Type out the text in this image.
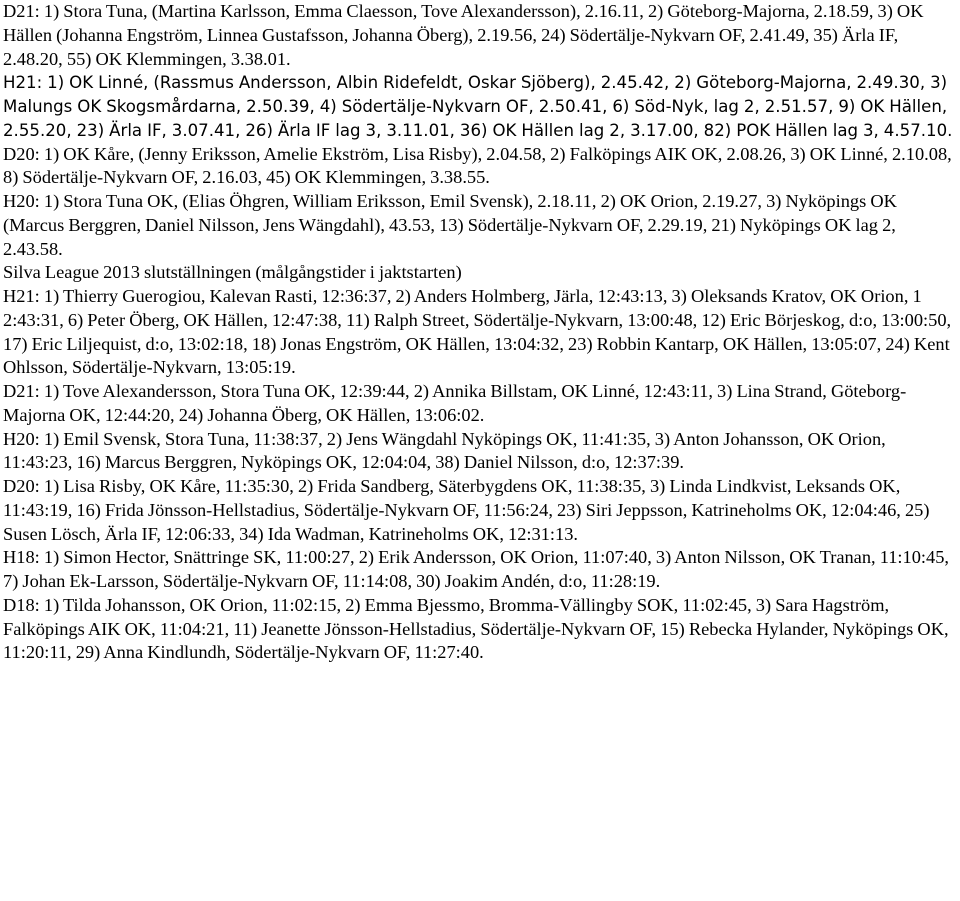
D21: 1) Stora Tuna, (Martina Karlsson, Emma Claesson, Tove Alexandersson), 2.16.11, 2) Göteborg-Majorna, 2.18.59, 3) OK Hällen (Johanna Engström, Linnea Gustafsson, Johanna Öberg), 2.19.56, 24) Södertälje-Nykvarn OF, 2.41.49, 35) Ärla IF, 2.48.20, 55) OK Klemmingen, 3.38.01.

H21: 1) OK Linné, (Rassmus Andersson, Albin Ridefeldt, Oskar Sjöberg), 2.45.42, 2) Göteborg-Majorna, 2.49.30, 3) Malungs OK Skogsmårdarna, 2.50.39, 4) Södertälje-Nykvarn OF, 2.50.41, 6) Söd-Nyk, lag 2, 2.51.57, 9) OK Hällen, 2.55.20, 23) Ärla IF, 3.07.41, 26) Ärla IF lag 3, 3.11.01, 36) OK Hällen lag 2, 3.17.00, 82) POK Hällen lag 3, 4.57.10.

D20: 1) OK Kåre, (Jenny Eriksson, Amelie Ekström, Lisa Risby), 2.04.58, 2) Falköpings AIK OK, 2.08.26, 3) OK Linné, 2.10.08, 8) Södertälje-Nykvarn OF, 2.16.03, 45) OK Klemmingen, 3.38.55.

H20: 1) Stora Tuna OK, (Elias Öhgren, William Eriksson, Emil Svensk), 2.18.11, 2) OK Orion, 2.19.27, 3) Nyköpings OK (Marcus Berggren, Daniel Nilsson, Jens Wängdahl), 43.53, 13) Södertälje-Nykvarn OF, 2.29.19, 21) Nyköpings OK lag 2, 2.43.58.

Silva League 2013 slutställningen (målgångstider i jaktstarten)

H21: 1) Thierry Guerogiou, Kalevan Rasti, 12:36:37, 2) Anders Holmberg, Järla, 12:43:13, 3) Oleksands Kratov, OK Orion, 1 2:43:31, 6) Peter Öberg, OK Hällen, 12:47:38, 11) Ralph Street, Södertälje-Nykvarn, 13:00:48, 12) Eric Börjeskog, d:o, 13:00:50, 17) Eric Liljequist, d:o, 13:02:18, 18) Jonas Engström, OK Hällen, 13:04:32, 23) Robbin Kantarp, OK Hällen, 13:05:07, 24) Kent Ohlsson, Södertälje-Nykvarn, 13:05:19.

D21: 1) Tove Alexandersson, Stora Tuna OK, 12:39:44, 2) Annika Billstam, OK Linné, 12:43:11, 3) Lina Strand, Göteborg-Majorna OK, 12:44:20, 24) Johanna Öberg, OK Hällen, 13:06:02.

H20: 1) Emil Svensk, Stora Tuna, 11:38:37, 2) Jens Wängdahl Nyköpings OK, 11:41:35, 3) Anton Johansson, OK Orion, 11:43:23, 16) Marcus Berggren, Nyköpings OK, 12:04:04, 38) Daniel Nilsson, d:o, 12:37:39.

D20: 1) Lisa Risby, OK Kåre, 11:35:30, 2) Frida Sandberg, Säterbygdens OK, 11:38:35, 3) Linda Lindkvist, Leksands OK, 11:43:19, 16) Frida Jönsson-Hellstadius, Södertälje-Nykvarn OF, 11:56:24, 23) Siri Jeppsson, Katrineholms OK, 12:04:46, 25) Susen Lösch, Ärla IF, 12:06:33, 34) Ida Wadman, Katrineholms OK, 12:31:13.

H18: 1) Simon Hector, Snättringe SK, 11:00:27, 2) Erik Andersson, OK Orion, 11:07:40, 3) Anton Nilsson, OK Tranan, 11:10:45, 7) Johan Ek-Larsson, Södertälje-Nykvarn OF, 11:14:08, 30) Joakim Andén, d:o, 11:28:19.

D18: 1) Tilda Johansson, OK Orion, 11:02:15, 2) Emma Bjessmo, Bromma-Vällingby SOK, 11:02:45, 3) Sara Hagström, Falköpings AIK OK, 11:04:21, 11) Jeanette Jönsson-Hellstadius, Södertälje-Nykvarn OF, 15) Rebecka Hylander, Nyköpings OK, 11:20:11, 29) Anna Kindlundh, Södertälje-Nykvarn OF, 11:27:40.
